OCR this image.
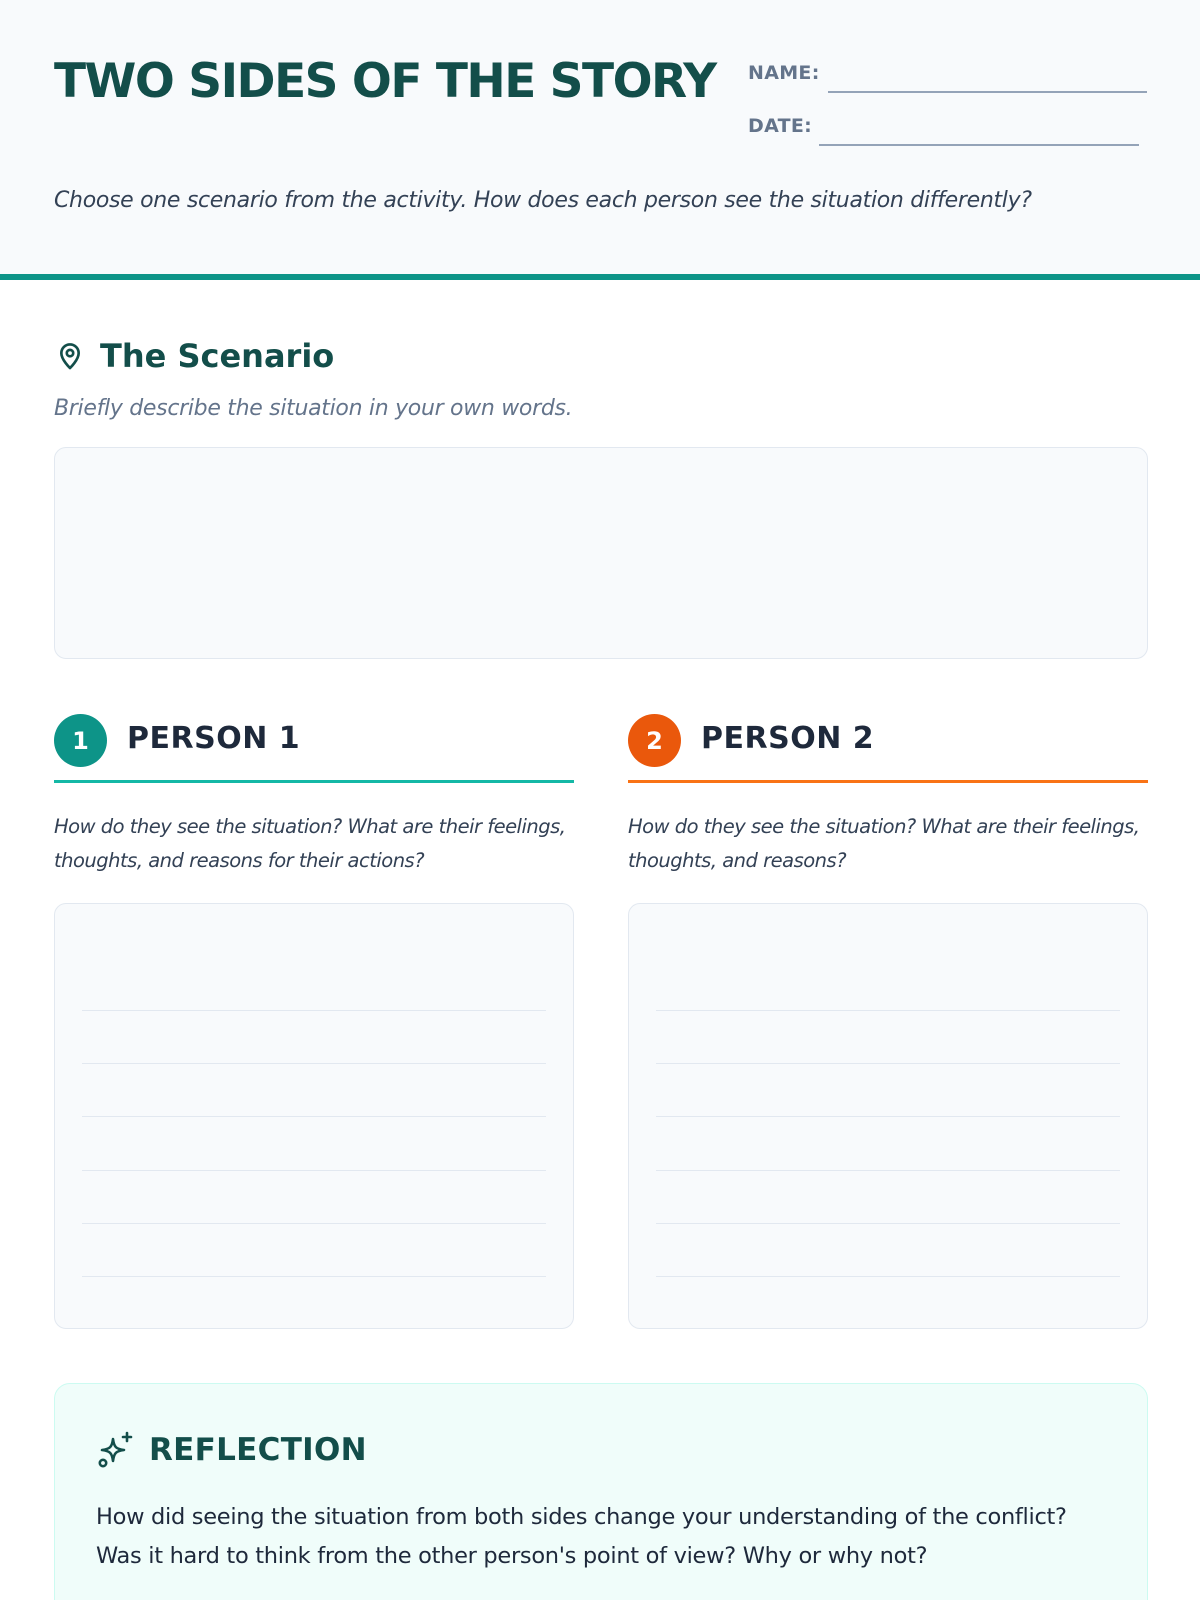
TWO SIDES OF THE STORY NAME:
DATE:
Choose one scenario from the activity. How does each person see the situation differently?
The Scenario
Briefly describe the situation in your own words.
1	PERSON 1
How do they see the situation? What are their feelings, thoughts, and reasons for their actions?
2	PERSON 2
How do they see the situation? What are their feelings, thoughts, and reasons?
REFLECTION
How did seeing the situation from both sides change your understanding of the conflict? Was it hard to think from the other person's point of view? Why or why not?
